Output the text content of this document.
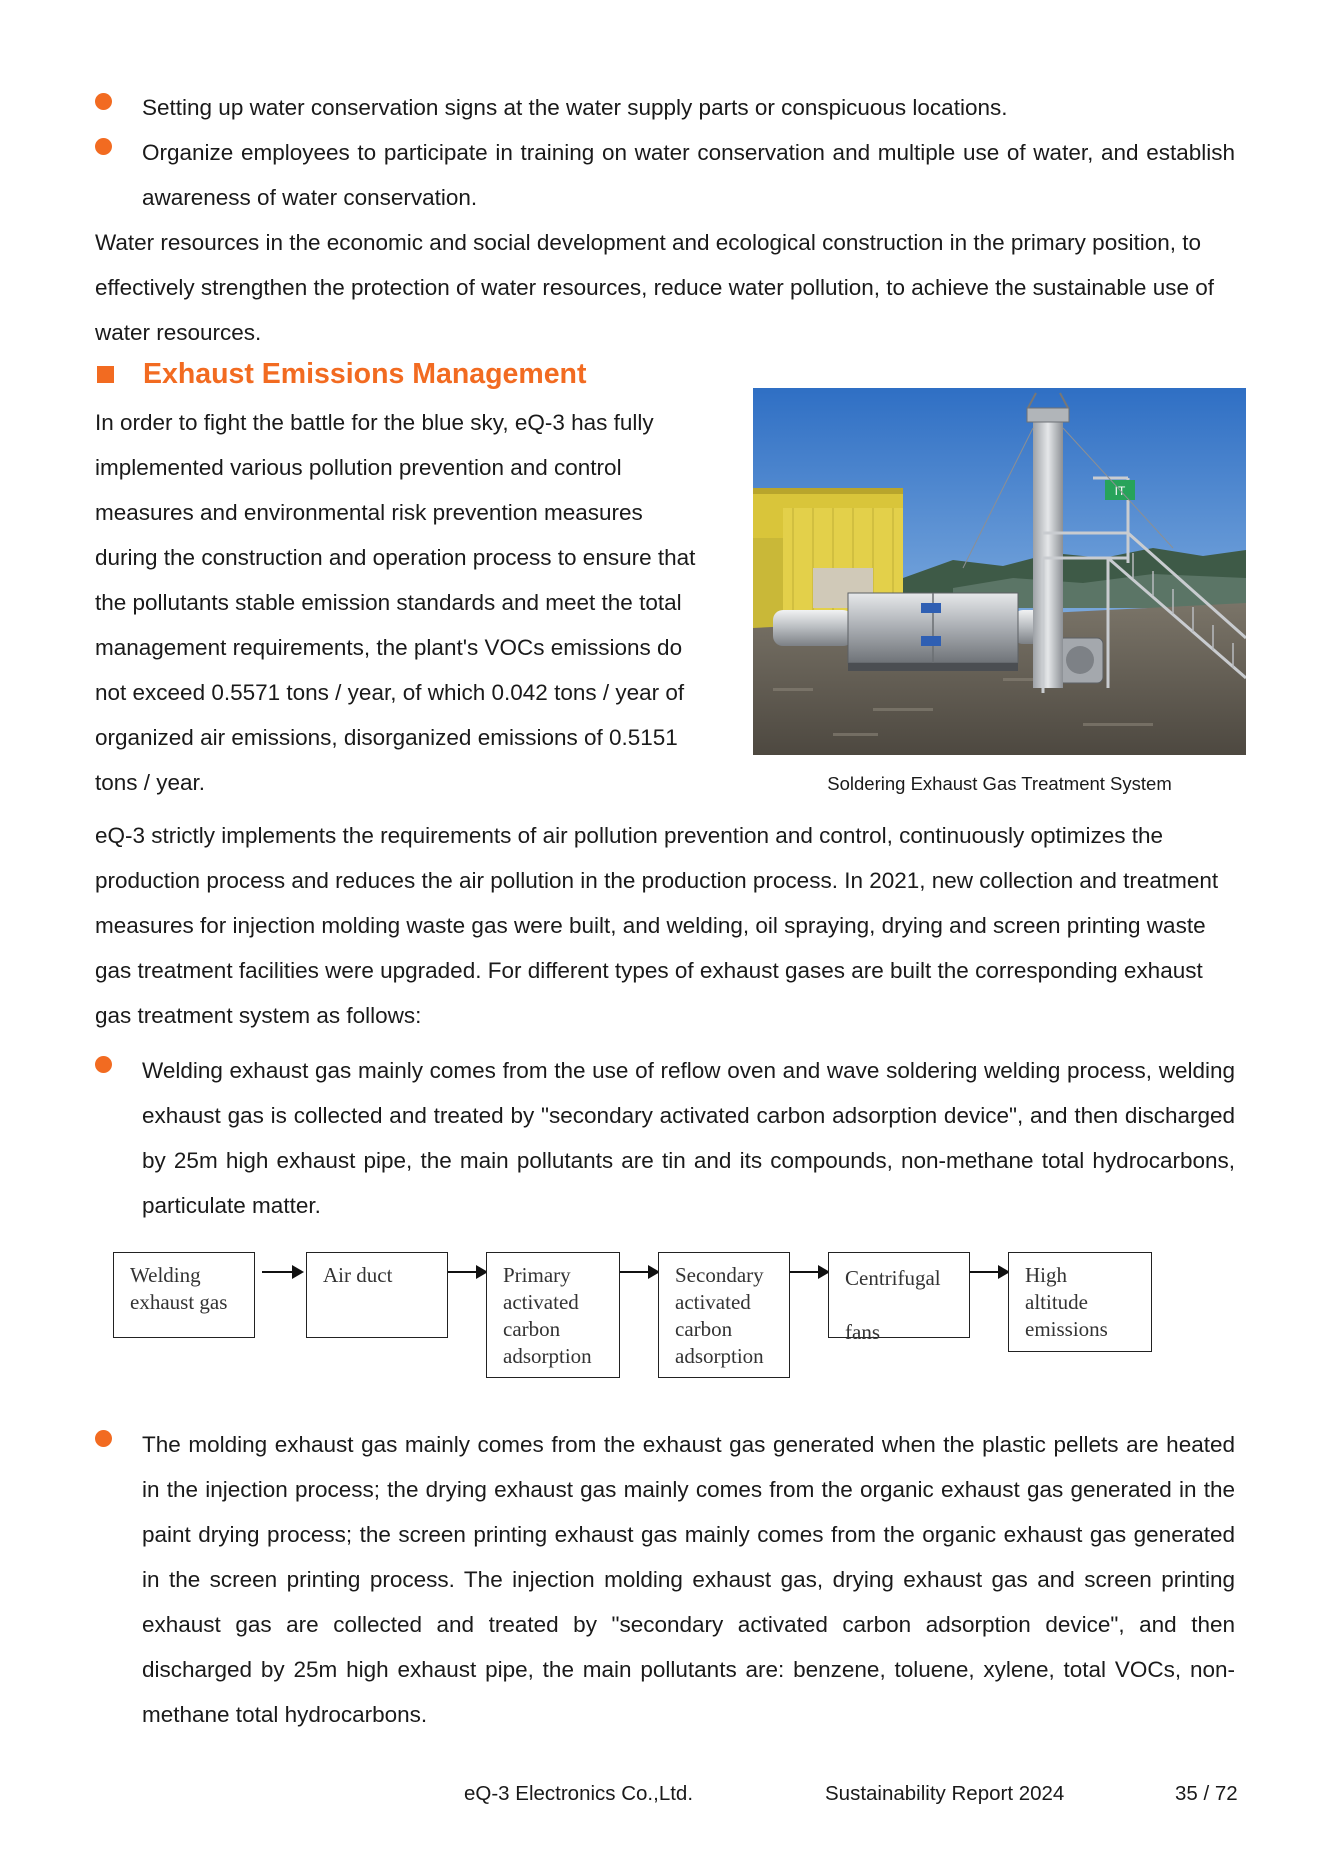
Setting up water conservation signs at the water supply parts or conspicuous locations.
Organize employees to participate in training on water conservation and multiple use of water, and establish awareness of water conservation.
Water resources in the economic and social development and ecological construction in the primary position, to effectively strengthen the protection of water resources, reduce water pollution, to achieve the sustainable use of water resources.
Exhaust Emissions Management
In order to fight the battle for the blue sky, eQ-3 has fully
implemented various pollution prevention and control
measures and environmental risk prevention measures
during the construction and operation process to ensure that
the pollutants stable emission standards and meet the total
management requirements, the plant's VOCs emissions do
not exceed 0.5571 tons / year, of which 0.042 tons / year of
organized air emissions, disorganized emissions of 0.5151
tons / year.
IT
Soldering Exhaust Gas Treatment System
eQ-3 strictly implements the requirements of air pollution prevention and control, continuously optimizes the production process and reduces the air pollution in the production process. In 2021, new collection and treatment measures for injection molding waste gas were built, and welding, oil spraying, drying and screen printing waste gas treatment facilities were upgraded. For different types of exhaust gases are built the corresponding exhaust gas treatment system as follows:
Welding exhaust gas mainly comes from the use of reflow oven and wave soldering welding process, welding exhaust gas is collected and treated by "secondary activated carbon adsorption device", and then discharged by 25m high exhaust pipe, the main pollutants are tin and its compounds, non-methane total hydrocarbons, particulate matter.
Welding
exhaust gas
Air duct	Primary
activated
carbon
adsorption
Secondary
activated
carbon
adsorption
Centrifugal

fans
High
altitude
emissions
The molding exhaust gas mainly comes from the exhaust gas generated when the plastic pellets are heated in the injection process; the drying exhaust gas mainly comes from the organic exhaust gas generated in the paint drying process; the screen printing exhaust gas mainly comes from the organic exhaust gas generated in the screen printing process. The injection molding exhaust gas, drying exhaust gas and screen printing exhaust gas are collected and treated by "secondary activated carbon adsorption device", and then discharged by 25m high exhaust pipe, the main pollutants are: benzene, toluene, xylene, total VOCs, non-methane total hydrocarbons.
eQ-3 Electronics Co.,Ltd.	Sustainability Report 2024	35 / 72
